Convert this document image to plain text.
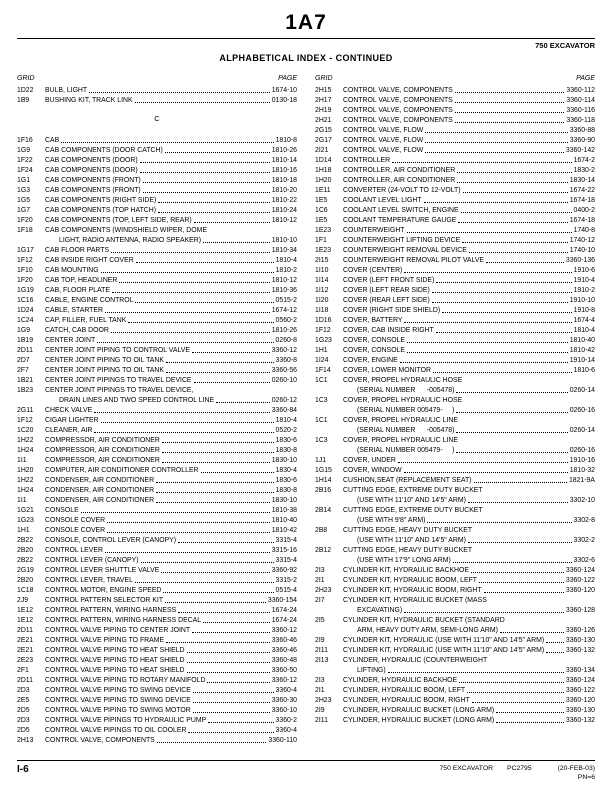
1A7
750 EXCAVATOR
ALPHABETICAL INDEX - CONTINUED
GRID	PAGE
1D22	BULB, LIGHT	1674-10
1B9	BUSHING KIT, TRACK LINK	0130-18
C
1F16	CAB	1810-8
1G9	CAB COMPONENTS (DOOR CATCH)	1810-26
1F22	CAB COMPONENTS (DOOR)	1810-14
1F24	CAB COMPONENTS (DOOR)	1810-16
1G1	CAB COMPONENTS (FRONT)	1810-18
1G3	CAB COMPONENTS (FRONT)	1810-20
1G5	CAB COMPONENTS (RIGHT SIDE)	1810-22
1G7	CAB COMPONENTS (TOP HATCH)	1810-24
1F20	CAB COMPONENTS (TOP, LEFT SIDE, REAR)	1810-12
1F18	CAB COMPONENTS (WINDSHIELD WIPER, DOME
LIGHT, RADIO ANTENNA, RADIO SPEAKER)	1810-10
1G17	CAB FLOOR PARTS	1810-34
1F12	CAB INSIDE RIGHT COVER	1810-4
1F10	CAB MOUNTING	1810-2
1F20	CAB TOP, HEADLINER	1810-12
1G19	CAB, FLOOR PLATE	1810-36
1C16	CABLE, ENGINE CONTROL	0515-2
1D24	CABLE, STARTER	1674-12
1C24	CAP, FILLER, FUEL TANK	0560-2
1G9	CATCH, CAB DOOR	1810-26
1B19	CENTER JOINT	0260-8
2D11	CENTER JOINT PIPING TO CONTROL VALVE	3360-12
2D7	CENTER JOINT PIPING TO OIL TANK	3360-8
2F7	CENTER JOINT PIPING TO OIL TANK	3360-56
1B21	CENTER JOINT PIPINGS TO TRAVEL DEVICE	0260-10
1B23	CENTER JOINT PIPINGS TO TRAVEL DEVICE,
DRAIN LINES AND TWO SPEED CONTROL LINE	0260-12
2G11	CHECK VALVE	3360-84
1F12	CIGAR LIGHTER	1810-4
1C20	CLEANER, AIR	0520-2
1H22	COMPRESSOR, AIR CONDITIONER	1830-6
1H24	COMPRESSOR, AIR CONDITIONER	1830-8
1I1	COMPRESSOR, AIR CONDITIONER	1830-10
1H20	COMPUTER, AIR CONDITIONER CONTROLLER	1830-4
1H22	CONDENSER, AIR CONDITIONER	1830-6
1H24	CONDENSER, AIR CONDITIONER	1830-8
1I1	CONDENSER, AIR CONDITIONER	1830-10
1G21	CONSOLE	1810-38
1G23	CONSOLE COVER	1810-40
1H1	CONSOLE COVER	1810-42
2B22	CONSOLE, CONTROL LEVER (CANOPY)	3315-4
2B20	CONTROL LEVER	3315-16
2B22	CONTROL LEVER (CANOPY)	3315-4
2G19	CONTROL LEVER SHUTTLE VALVE	3360-92
2B20	CONTROL LEVER, TRAVEL	3315-2
1C18	CONTROL MOTOR, ENGINE SPEED	0515-4
2J9	CONTROL PATTERN SELECTOR KIT	3360-154
1E12	CONTROL PATTERN, WIRING HARNESS	1674-24
1E12	CONTROL PATTERN, WIRING HARNESS DECAL	1674-24
2D11	CONTROL VALVE PIPING TO CENTER JOINT	3360-12
2E21	CONTROL VALVE PIPING TO FRAME	3360-46
2E21	CONTROL VALVE PIPING TO HEAT SHIELD	3360-46
2E23	CONTROL VALVE PIPING TO HEAT SHIELD	3360-48
2F1	CONTROL VALVE PIPING TO HEAT SHIELD	3360-50
2D11	CONTROL VALVE PIPING TO ROTARY MANIFOLD	3360-12
2D3	CONTROL VALVE PIPING TO SWING DEVICE	3360-4
2E5	CONTROL VALVE PIPING TO SWING DEVICE	3360-30
2D5	CONTROL VALVE PIPING TO SWING MOTOR	3360-10
2D3	CONTROL VALVE PIPINGS TO HYDRAULIC PUMP	3360-2
2D5	CONTROL VALVE PIPINGS TO OIL COOLER	3360-4
2H13	CONTROL VALVE, COMPONENTS	3360-110
GRID	PAGE
2H15	CONTROL VALVE, COMPONENTS	3360-112
2H17	CONTROL VALVE, COMPONENTS	3360-114
2H19	CONTROL VALVE, COMPONENTS	3360-116
2H21	CONTROL VALVE, COMPONENTS	3360-118
2G15	CONTROL VALVE, FLOW	3360-88
2G17	CONTROL VALVE, FLOW	3360-90
2I21	CONTROL VALVE, FLOW	3360-142
1D14	CONTROLLER	1674-2
1H18	CONTROLLER, AIR CONDITIONER	1830-2
1H20	CONTROLLER, AIR CONDITIONER	1830-14
1E11	CONVERTER (24-VOLT TO 12-VOLT)	1674-22
1E5	COOLANT LEVEL LIGHT	1674-18
1C6	COOLANT LEVEL SWITCH, ENGINE	0400-2
1E5	COOLANT TEMPERATURE GAUGE	1674-18
1E23	COUNTERWEIGHT	1740-8
1F1	COUNTERWEIGHT LIFTING DEVICE	1740-12
1E23	COUNTERWEIGHT REMOVAL DEVICE	1740-10
2I15	COUNTERWEIGHT REMOVAL PILOT VALVE	3360-136
1I10	COVER (CENTER)	1910-6
1I14	COVER (LEFT FRONT SIDE)	1910-4
1I12	COVER (LEFT REAR SIDE)	1910-2
1I20	COVER (REAR LEFT SIDE)	1910-10
1I18	COVER (RIGHT SIDE SHIELD)	1910-8
1D16	COVER, BATTERY	1674-4
1F12	COVER, CAB INSIDE RIGHT	1810-4
1G23	COVER, CONSOLE	1810-40
1H1	COVER, CONSOLE	1810-42
1I24	COVER, ENGINE	1910-14
1F14	COVER, LOWER MONITOR	1810-6
1C1	COVER, PROPEL HYDRAULIC HOSE
(SERIAL NUMBER      -005478)	0260-14
1C3	COVER, PROPEL HYDRAULIC HOSE
(SERIAL NUMBER 005479-     )	0260-16
1C1	COVER, PROPEL HYDRAULIC LINE
(SERIAL NUMBER      -005478)	0260-14
1C3	COVER, PROPEL HYDRAULIC LINE
(SERIAL NUMBER 005479-     )	0260-16
1J1	COVER, UNDER	1910-16
1G15	COVER, WINDOW	1810-32
1H14	CUSHION,SEAT (REPLACEMENT SEAT)	1821-9A
2B16	CUTTING EDGE, EXTREME DUTY BUCKET
(USE WITH 11'10" AND 14'5" ARM)	3302-10
2B14	CUTTING EDGE, EXTREME DUTY BUCKET
(USE WITH 9'8" ARM)	3302-8
2B8	CUTTING EDGE, HEAVY DUTY BUCKET
(USE WITH 11'10" AND 14'5" ARM)	3302-2
2B12	CUTTING EDGE, HEAVY DUTY BUCKET
(USE WITH 17'9" LONG ARM)	3302-6
2I3	CYLINDER KIT, HYDRAULIC BACKHOE	3360-124
2I1	CYLINDER KIT, HYDRAULIC BOOM, LEFT	3360-122
2H23	CYLINDER KIT, HYDRAULIC BOOM, RIGHT	3360-120
2I7	CYLINDER KIT, HYDRAULIC BUCKET (MASS
EXCAVATING)	3360-128
2I5	CYLINDER KIT, HYDRAULIC BUCKET (STANDARD
ARM, HEAVY DUTY ARM, SEMI-LONG ARM)	3360-126
2I9	CYLINDER KIT, HYDRAULIC (USE WITH 11'10" AND 14'5" ARM)	3360-130
2I11	CYLINDER KIT, HYDRAULIC (USE WITH 11'10" AND 14'5" ARM)	3360-132
2I13	CYLINDER, HYDRAULIC (COUNTERWEIGHT
LIFTING)	3360-134
2I3	CYLINDER, HYDRAULIC BACKHOE	3360-124
2I1	CYLINDER, HYDRAULIC BOOM, LEFT	3360-122
2H23	CYLINDER, HYDRAULIC BOOM, RIGHT	3360-120
2I9	CYLINDER, HYDRAULIC BUCKET (LONG ARM)	3360-130
2I11	CYLINDER, HYDRAULIC BUCKET (LONG ARM)	3360-132
I-6	750 EXCAVATOR PC2795	(20-FEB-03)
PN=6
